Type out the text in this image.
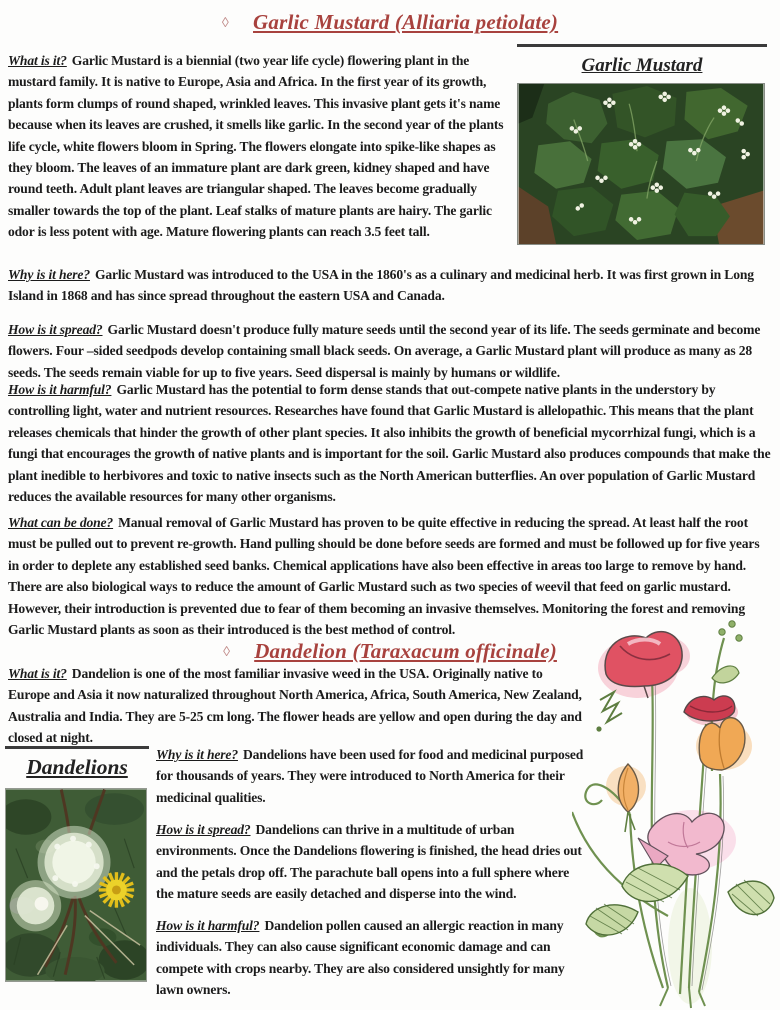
◊ Garlic Mustard (Alliaria petiolate)
Garlic Mustard

What is it? Garlic Mustard is a biennial (two year life cycle) flowering plant in the mustard family. It is native to Europe, Asia and Africa. In the first year of its growth, plants form clumps of round shaped, wrinkled leaves. This invasive plant gets it's name because when its leaves are crushed, it smells like garlic. In the second year of the plants life cycle, white flowers bloom in Spring. The flowers elongate into spike-like shapes as they bloom. The leaves of an immature plant are dark green, kidney shaped and have round teeth. Adult plant leaves are triangular shaped. The leaves become gradually smaller towards the top of the plant. Leaf stalks of mature plants are hairy. The garlic odor is less potent with age. Mature flowering plants can reach 3.5 feet tall.

Why is it here? Garlic Mustard was introduced to the USA in the 1860's as a culinary and medicinal herb. It was first grown in Long Island in 1868 and has since spread throughout the eastern USA and Canada.

How is it spread? Garlic Mustard doesn't produce fully mature seeds until the second year of its life. The seeds germinate and become flowers. Four –sided seedpods develop containing small black seeds. On average, a Garlic Mustard plant will produce as many as 28 seeds. The seeds remain viable for up to five years. Seed dispersal is mainly by humans or wildlife.

How is it harmful? Garlic Mustard has the potential to form dense stands that out-compete native plants in the understory by controlling light, water and nutrient resources. Researches have found that Garlic Mustard is allelopathic. This means that the plant releases chemicals that hinder the growth of other plant species. It also inhibits the growth of beneficial mycorrhizal fungi, which is a fungi that encourages the growth of native plants and is important for the soil. Garlic Mustard also produces compounds that make the plant inedible to herbivores and toxic to native insects such as the North American butterflies. An over population of Garlic Mustard reduces the available resources for many other organisms.

What can be done? Manual removal of Garlic Mustard has proven to be quite effective in reducing the spread. At least half the root must be pulled out to prevent re-growth. Hand pulling should be done before seeds are formed and must be followed up for five years in order to deplete any established seed banks. Chemical applications have also been effective in areas too large to remove by hand. There are also biological ways to reduce the amount of Garlic Mustard such as two species of weevil that feed on garlic mustard. However, their introduction is prevented due to fear of them becoming an invasive themselves. Monitoring the forest and removing Garlic Mustard plants as soon as their introduced is the best method of control.

◊ Dandelion (Taraxacum officinale)

What is it? Dandelion is one of the most familiar invasive weed in the USA. Originally native to Europe and Asia it now naturalized throughout North America, Africa, South America, New Zealand, Australia and India. They are 5-25 cm long. The flower heads are yellow and open during the day and closed at night.

Dandelions

Why is it here? Dandelions have been used for food and medicinal purposed for thousands of years. They were introduced to North America for their medicinal qualities.

How is it spread? Dandelions can thrive in a multitude of urban environments. Once the Dandelions flowering is finished, the head dries out and the petals drop off. The parachute ball opens into a full sphere where the mature seeds are easily detached and disperse into the wind.

How is it harmful? Dandelion pollen caused an allergic reaction in many individuals. They can also cause significant economic damage and can compete with crops nearby. They are also considered unsightly for many lawn owners.
